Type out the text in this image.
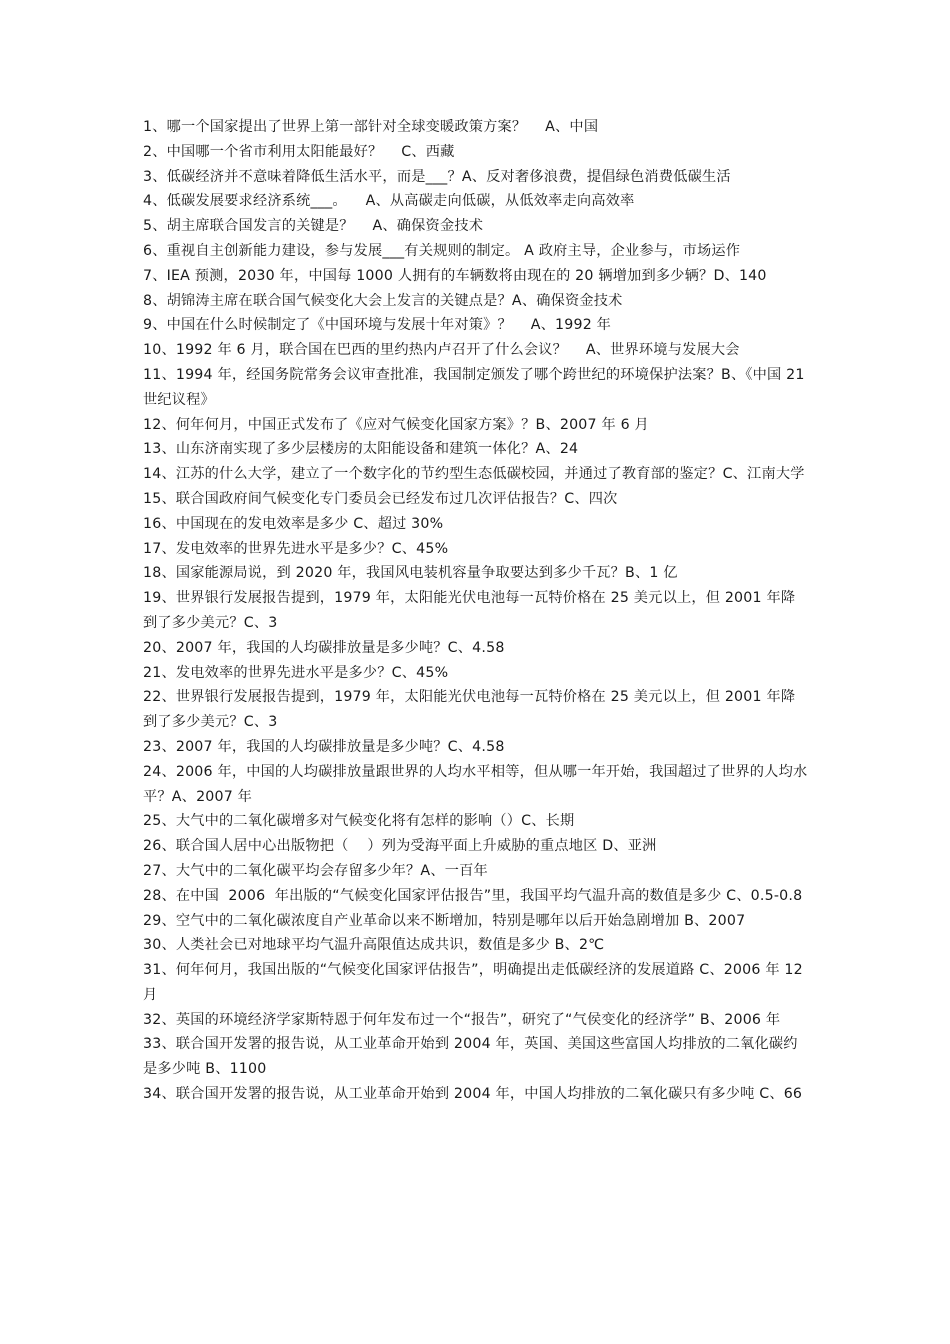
1、哪一个国家提出了世界上第一部针对全球变暖政策方案？    A、中国
2、中国哪一个省市利用太阳能最好？    C、西藏
3、低碳经济并不意味着降低生活水平，而是___？A、反对奢侈浪费，提倡绿色消费低碳生活
4、低碳发展要求经济系统___。    A、从高碳走向低碳，从低效率走向高效率
5、胡主席联合国发言的关键是？    A、确保资金技术
6、重视自主创新能力建设，参与发展___有关规则的制定。 A 政府主导，企业参与，市场运作
7、IEA 预测，2030 年，中国每 1000 人拥有的车辆数将由现在的 20 辆增加到多少辆？D、140
8、胡锦涛主席在联合国气候变化大会上发言的关键点是？A、确保资金技术
9、中国在什么时候制定了《中国环境与发展十年对策》？    A、1992 年
10、1992 年 6 月，联合国在巴西的里约热内卢召开了什么会议？    A、世界环境与发展大会
11、1994 年，经国务院常务会议审查批准，我国制定颁发了哪个跨世纪的环境保护法案？B、《中国 21 世纪议程》
12、何年何月，中国正式发布了《应对气候变化国家方案》？B、2007 年 6 月
13、山东济南实现了多少层楼房的太阳能设备和建筑一体化？A、24
14、江苏的什么大学，建立了一个数字化的节约型生态低碳校园，并通过了教育部的鉴定？C、江南大学
15、联合国政府间气候变化专门委员会已经发布过几次评估报告？C、四次
16、中国现在的发电效率是多少 C、超过 30%
17、发电效率的世界先进水平是多少？C、45%
18、国家能源局说，到 2020 年，我国风电装机容量争取要达到多少千瓦？B、1 亿
19、世界银行发展报告提到，1979 年，太阳能光伏电池每一瓦特价格在 25 美元以上，但 2001 年降到了多少美元？C、3
20、2007 年，我国的人均碳排放量是多少吨？C、4.58
21、发电效率的世界先进水平是多少？C、45%
22、世界银行发展报告提到，1979 年，太阳能光伏电池每一瓦特价格在 25 美元以上，但 2001 年降到了多少美元？C、3
23、2007 年，我国的人均碳排放量是多少吨？C、4.58
24、2006 年，中国的人均碳排放量跟世界的人均水平相等，但从哪一年开始，我国超过了世界的人均水平？A、2007 年
25、大气中的二氧化碳增多对气候变化将有怎样的影响（）C、长期
26、联合国人居中心出版物把（    ）列为受海平面上升威胁的重点地区 D、亚洲
27、大气中的二氧化碳平均会存留多少年？A、一百年
28、在中国  2006  年出版的“气候变化国家评估报告”里，我国平均气温升高的数值是多少 C、0.5-0.8
29、空气中的二氧化碳浓度自产业革命以来不断增加，特别是哪年以后开始急剧增加 B、2007
30、人类社会已对地球平均气温升高限值达成共识，数值是多少 B、2℃
31、何年何月，我国出版的“气候变化国家评估报告”，明确提出走低碳经济的发展道路 C、2006 年 12 月
32、英国的环境经济学家斯特恩于何年发布过一个“报告”，研究了“气侯变化的经济学” B、2006 年
33、联合国开发署的报告说，从工业革命开始到 2004 年，英国、美国这些富国人均排放的二氧化碳约是多少吨 B、1100
34、联合国开发署的报告说，从工业革命开始到 2004 年，中国人均排放的二氧化碳只有多少吨 C、66
